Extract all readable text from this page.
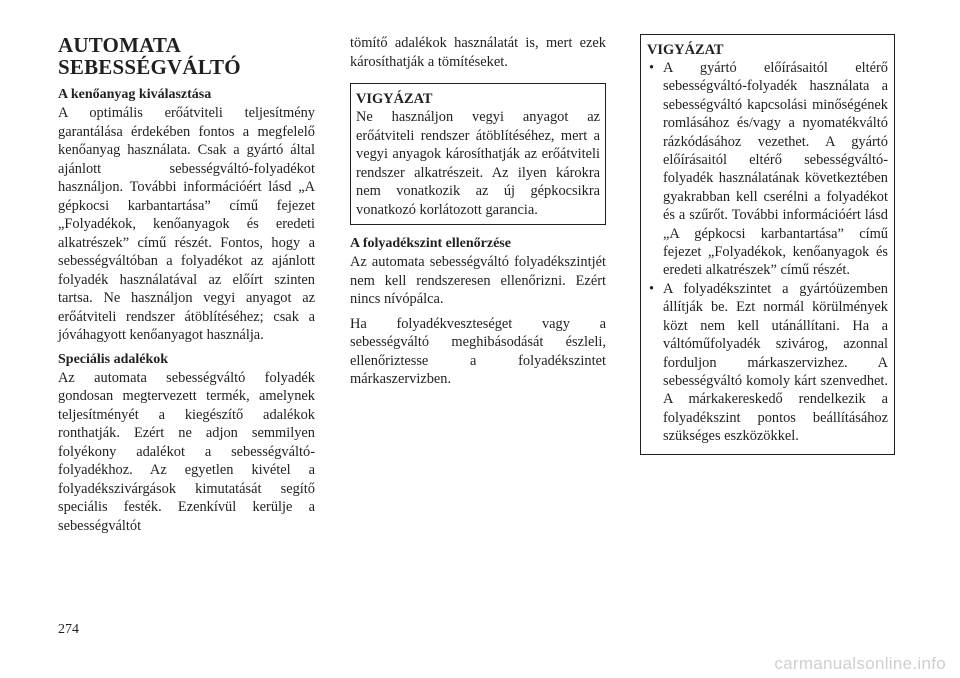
AUTOMATA
SEBESSÉGVÁLTÓ
A kenőanyag kiválasztása

A optimális erőátviteli teljesítmény garantálása érdekében fontos a megfelelő kenőanyag használata. Csak a gyártó által ajánlott sebességváltó-folyadékot használjon. További információért lásd „A gépkocsi karbantartása” című fejezet „Folyadékok, kenőanyagok és eredeti alkatrészek” című részét. Fontos, hogy a sebességváltóban a folyadékot az ajánlott folyadék használatával az előírt szinten tartsa. Ne használjon vegyi anyagot az erőátviteli rendszer átöblítéséhez; csak a jóváhagyott kenőanyagot használja.

Speciális adalékok

Az automata sebességváltó folyadék gondosan megtervezett termék, amelynek teljesítményét a kiegészítő adalékok ronthatják. Ezért ne adjon semmilyen folyékony adalékot a sebességváltó-folyadékhoz. Az egyetlen kivétel a folyadékszivárgások kimutatását segítő speciális festék. Ezenkívül kerülje a sebességváltót

tömítő adalékok használatát is, mert ezek károsíthatják a tömítéseket.

VIGYÁZAT

Ne használjon vegyi anyagot az erőátviteli rendszer átöblítéséhez, mert a vegyi anyagok károsíthatják az erőátviteli rendszer alkatrészeit. Az ilyen károkra nem vonatkozik az új gépkocsikra vonatkozó korlátozott garancia.

A folyadékszint ellenőrzése

Az automata sebességváltó folyadékszintjét nem kell rendszeresen ellenőrizni. Ezért nincs nívópálca.

Ha folyadékveszteséget vagy a sebességváltó meghibásodását észleli, ellenőriztesse a folyadékszintet márkaszervizben.

VIGYÁZAT
• A gyártó előírásaitól eltérő sebességváltó-folyadék használata a sebességváltó kapcsolási minőségének romlásához és/vagy a nyomatékváltó rázkódásához vezethet. A gyártó előírásaitól eltérő sebességváltó-folyadék használatának következtében gyakrabban kell cserélni a folyadékot és a szűrőt. További információért lásd „A gépkocsi karbantartása” című fejezet „Folyadékok, kenőanyagok és eredeti alkatrészek” című részét.
• A folyadékszintet a gyártóüzemben állítják be. Ezt normál körülmények közt nem kell utánállítani. Ha a váltóműfolyadék szivárog, azonnal forduljon márkaszervizhez. A sebességváltó komoly kárt szenvedhet. A márkakereskedő rendelkezik a folyadékszint pontos beállításához szükséges eszközökkel.
274
carmanualsonline.info
